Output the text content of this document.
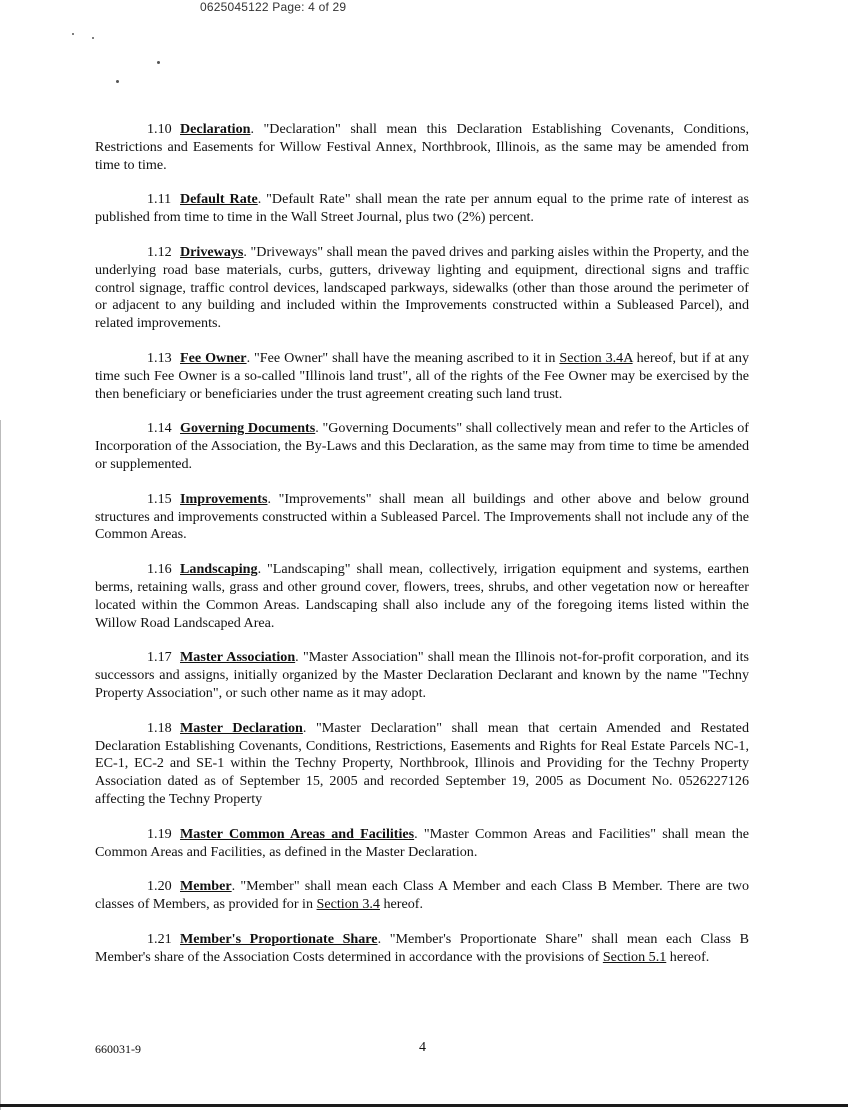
0625045122 Page: 4 of 29

1.10 Declaration. "Declaration" shall mean this Declaration Establishing Covenants, Conditions, Restrictions and Easements for Willow Festival Annex, Northbrook, Illinois, as the same may be amended from time to time.

1.11 Default Rate. "Default Rate" shall mean the rate per annum equal to the prime rate of interest as published from time to time in the Wall Street Journal, plus two (2%) percent.

1.12 Driveways. "Driveways" shall mean the paved drives and parking aisles within the Property, and the underlying road base materials, curbs, gutters, driveway lighting and equipment, directional signs and traffic control signage, traffic control devices, landscaped parkways, sidewalks (other than those around the perimeter of or adjacent to any building and included within the Improvements constructed within a Subleased Parcel), and related improvements.

1.13 Fee Owner. "Fee Owner" shall have the meaning ascribed to it in Section 3.4A hereof, but if at any time such Fee Owner is a so-called "Illinois land trust", all of the rights of the Fee Owner may be exercised by the then beneficiary or beneficiaries under the trust agreement creating such land trust.

1.14 Governing Documents. "Governing Documents" shall collectively mean and refer to the Articles of Incorporation of the Association, the By-Laws and this Declaration, as the same may from time to time be amended or supplemented.

1.15 Improvements. "Improvements" shall mean all buildings and other above and below ground structures and improvements constructed within a Subleased Parcel. The Improvements shall not include any of the Common Areas.

1.16 Landscaping. "Landscaping" shall mean, collectively, irrigation equipment and systems, earthen berms, retaining walls, grass and other ground cover, flowers, trees, shrubs, and other vegetation now or hereafter located within the Common Areas. Landscaping shall also include any of the foregoing items listed within the Willow Road Landscaped Area.

1.17 Master Association. "Master Association" shall mean the Illinois not-for-profit corporation, and its successors and assigns, initially organized by the Master Declaration Declarant and known by the name "Techny Property Association", or such other name as it may adopt.

1.18 Master Declaration. "Master Declaration" shall mean that certain Amended and Restated Declaration Establishing Covenants, Conditions, Restrictions, Easements and Rights for Real Estate Parcels NC-1, EC-1, EC-2 and SE-1 within the Techny Property, Northbrook, Illinois and Providing for the Techny Property Association dated as of September 15, 2005 and recorded September 19, 2005 as Document No. 0526227126 affecting the Techny Property

1.19 Master Common Areas and Facilities. "Master Common Areas and Facilities" shall mean the Common Areas and Facilities, as defined in the Master Declaration.

1.20 Member. "Member" shall mean each Class A Member and each Class B Member. There are two classes of Members, as provided for in Section 3.4 hereof.

1.21 Member's Proportionate Share. "Member's Proportionate Share" shall mean each Class B Member's share of the Association Costs determined in accordance with the provisions of Section 5.1 hereof.

660031-9	4
